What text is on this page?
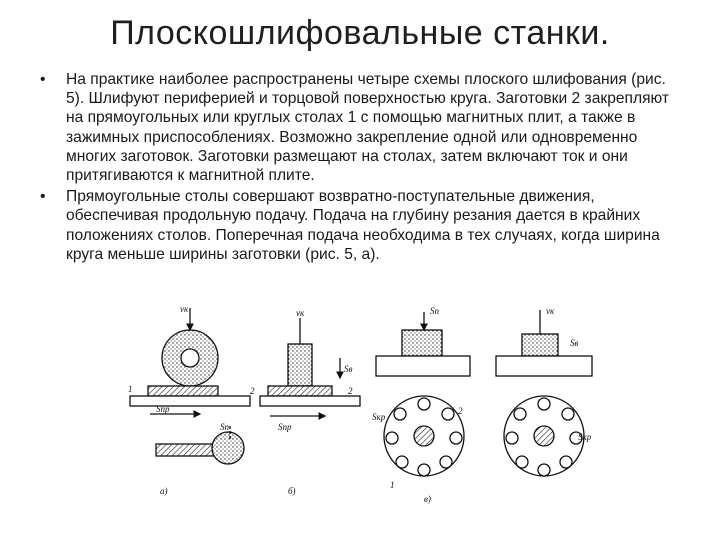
Плоскошлифовальные станки.
•	На практике наиболее распространены четыре схемы плоского шлифования (рис. 5). Шлифуют периферией и торцовой поверхностью круга. Заготовки 2 закрепляют на прямоугольных или круглых столах 1 с помощью магнитных плит, а также в зажимных приспособлениях. Возможно закрепление одной или одновременно многих заготовок. Заготовки размещают на столах, затем включают ток и они притягиваются к магнитной плите.
•	Прямоугольные столы совершают возвратно-поступательные движения, обеспечивая продольную подачу. Подача на глубину резания дается в крайних положениях столов. Поперечная подача необходима в тех случаях, когда ширина круга меньше ширины заготовки (рис. 5, а).
vк
Sпр
Sп
1	2
а)
vк
Sпр
Sв
2
б)
Sп
Sкр
1
2
в)
vк
Sкр
Sв
